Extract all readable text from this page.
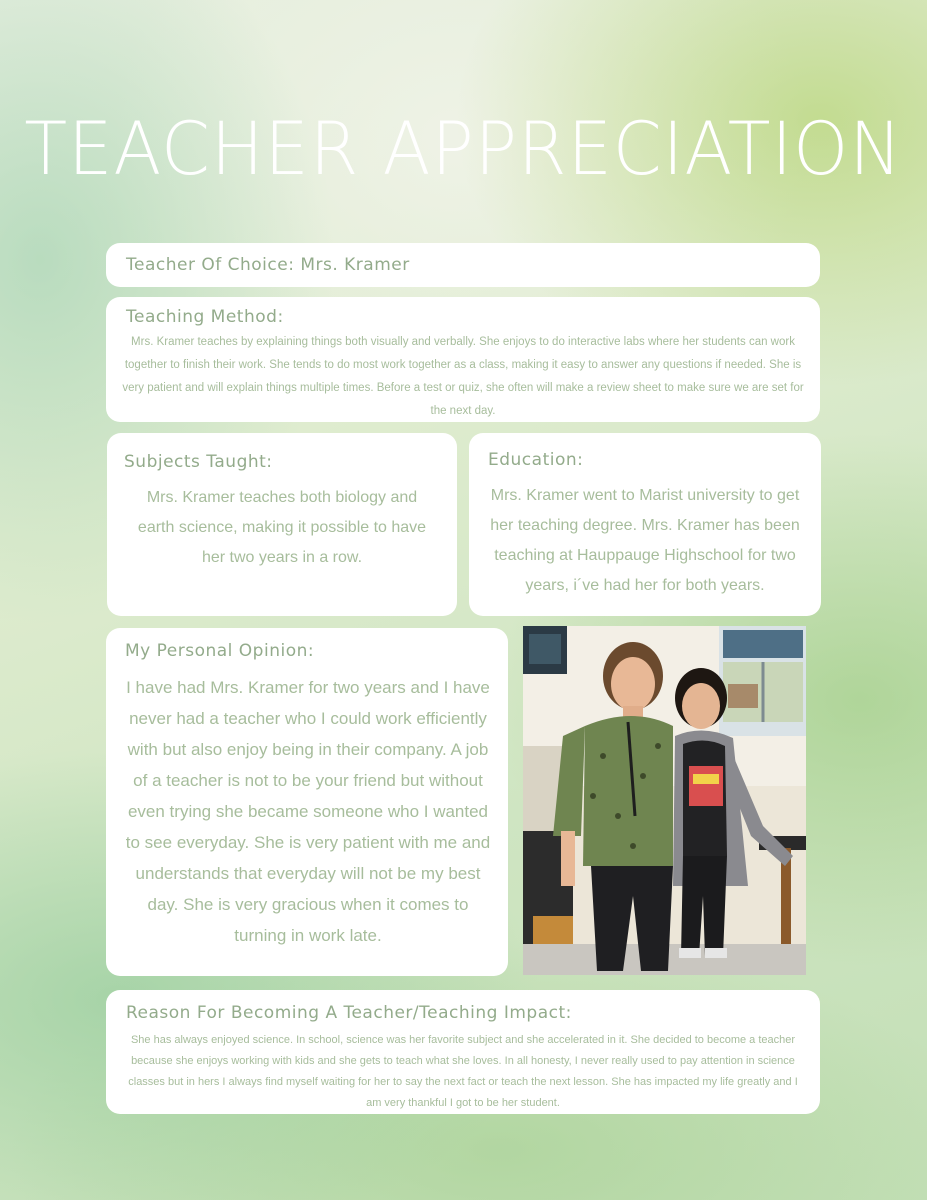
TEACHER APPRECIATION
Teacher Of Choice: Mrs. Kramer
Teaching Method:
Mrs. Kramer teaches by explaining things both visually and verbally. She enjoys to do interactive labs where her students can work together to finish their work. She tends to do most work together as a class, making it easy to answer any questions if needed. She is very patient and will explain things multiple times. Before a test or quiz, she often will make a review sheet to make sure we are set for the next day.
Subjects Taught:
Mrs. Kramer teaches both biology and earth science, making it possible to have her two years in a row.
Education:
Mrs. Kramer went to Marist university to get her teaching degree. Mrs. Kramer has been teaching at Hauppauge Highschool for two years, i´ve had her for both years.
My Personal Opinion:
I have had Mrs. Kramer for two years and I have never had a teacher who I could work efficiently with but also enjoy being in their company. A job of a teacher is not to be your friend but without even trying she became someone who I wanted to see everyday. She is very patient with me and understands that everyday will not be my best day. She is very gracious when it comes to turning in work late.
Reason For Becoming A Teacher/Teaching Impact:
She has always enjoyed science. In school, science was her favorite subject and she accelerated in it. She decided to become a teacher because she enjoys working with kids and she gets to teach what she loves. In all honesty, I never really used to pay attention in science classes but in hers I always find myself waiting for her to say the next fact or teach the next lesson. She has impacted my life greatly and I am very thankful I got to be her student.
